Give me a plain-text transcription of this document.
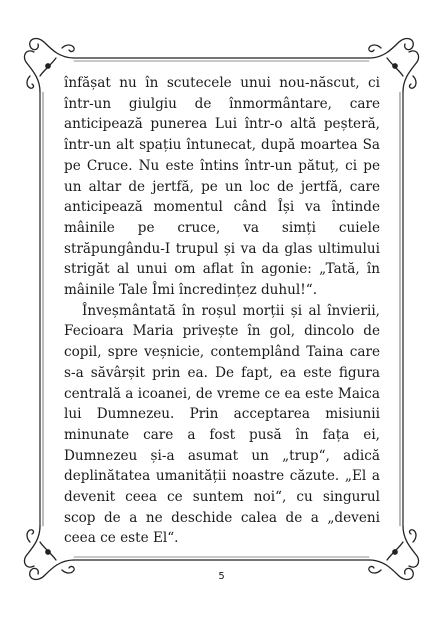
înfășat nu în scutecele unui nou-născut, ci într-un giulgiu de înmormântare, care anticipează punerea Lui într-o altă peșteră, într-un alt spațiu întunecat, după moartea Sa pe Cruce. Nu este întins într-un pătuț, ci pe un altar de jertfă, pe un loc de jertfă, care anticipează momentul când Își va întinde mâinile pe cruce, va simți cuiele străpungându-I trupul și va da glas ultimului strigăt al unui om aflat în agonie: „Tată, în mâinile Tale Îmi încredințez duhul!“.

Înveșmântată în roșul morții și al învierii, Fecioara Maria privește în gol, dincolo de copil, spre veșnicie, contemplând Taina care s-a săvârșit prin ea. De fapt, ea este figura centrală a icoanei, de vreme ce ea este Maica lui Dumnezeu. Prin acceptarea misiunii minunate care a fost pusă în fața ei, Dumnezeu și-a asumat un „trup“, adică deplinătatea umanității noastre căzute. „El a devenit ceea ce suntem noi“, cu singurul scop de a ne deschide calea de a „deveni ceea ce este El“.

5
